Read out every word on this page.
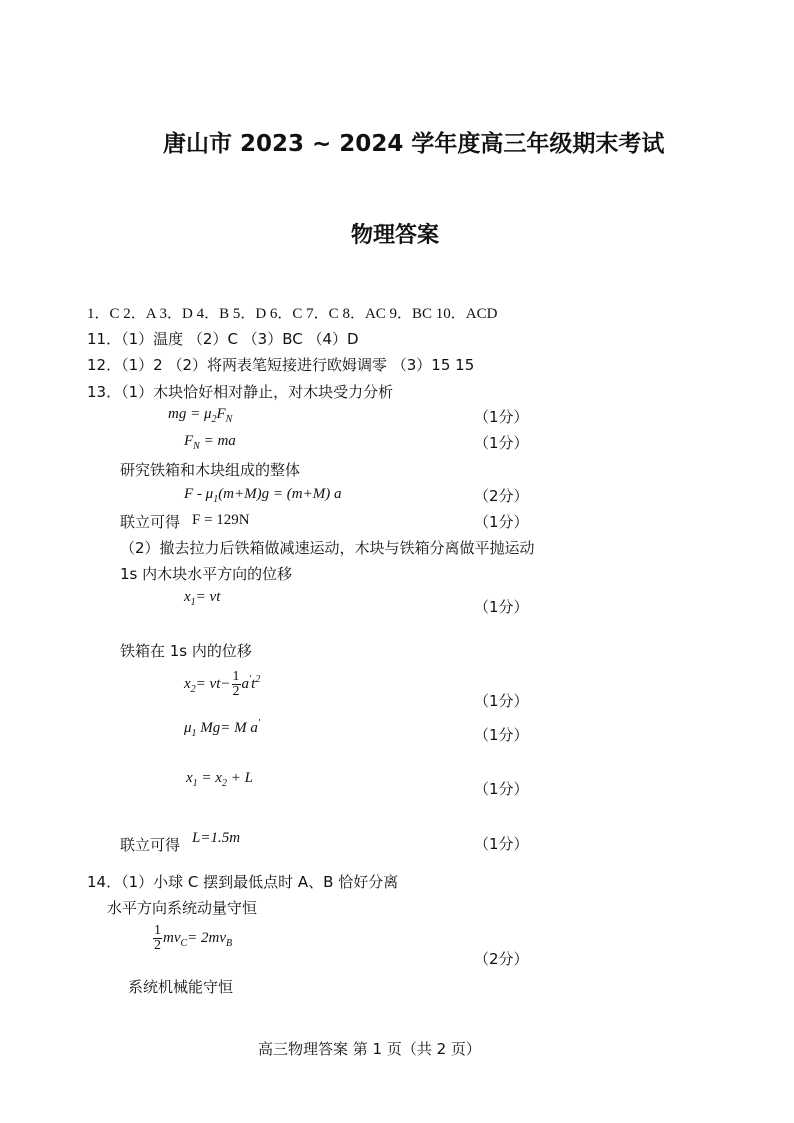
唐山市 2023 ~ 2024 学年度高三年级期末考试
物理答案
1．C 2．A 3．D 4．B 5．D 6．C 7．C 8．AC 9．BC 10．ACD
11．（1）温度 （2）C （3）BC （4）D
12．（1）2 （2）将两表笔短接进行欧姆调零 （3）15 15
13．（1）木块恰好相对静止，对木块受力分析
mg = $\mu_2F_N$	（1分）
$F_N$ = ma	（1分）
研究铁箱和木块组成的整体
$F - \mu_1(m+M)g = (m+M)$ a	（2分）
联立可得 F = 129N	（1分）
（2）撤去拉力后铁箱做减速运动，木块与铁箱分离做平抛运动
1s 内木块水平方向的位移
$x_1=$ vt
（1分）
铁箱在 1s 内的位移
$x_2= vt- \frac{1}{2} a't^2$
（1分）
$\mu_1$ Mg= M a'
（1分）
$x_1 = x_2 + L$
（1分）
联立可得 L=1.5m	（1分）
14．（1）小球 C 摆到最低点时 A、B 恰好分离
水平方向系统动量守恒
$\frac{1}{2} mv_C= 2mv_B$
（2分）
系统机械能守恒
高三物理答案 第 1 页（共 2 页）
